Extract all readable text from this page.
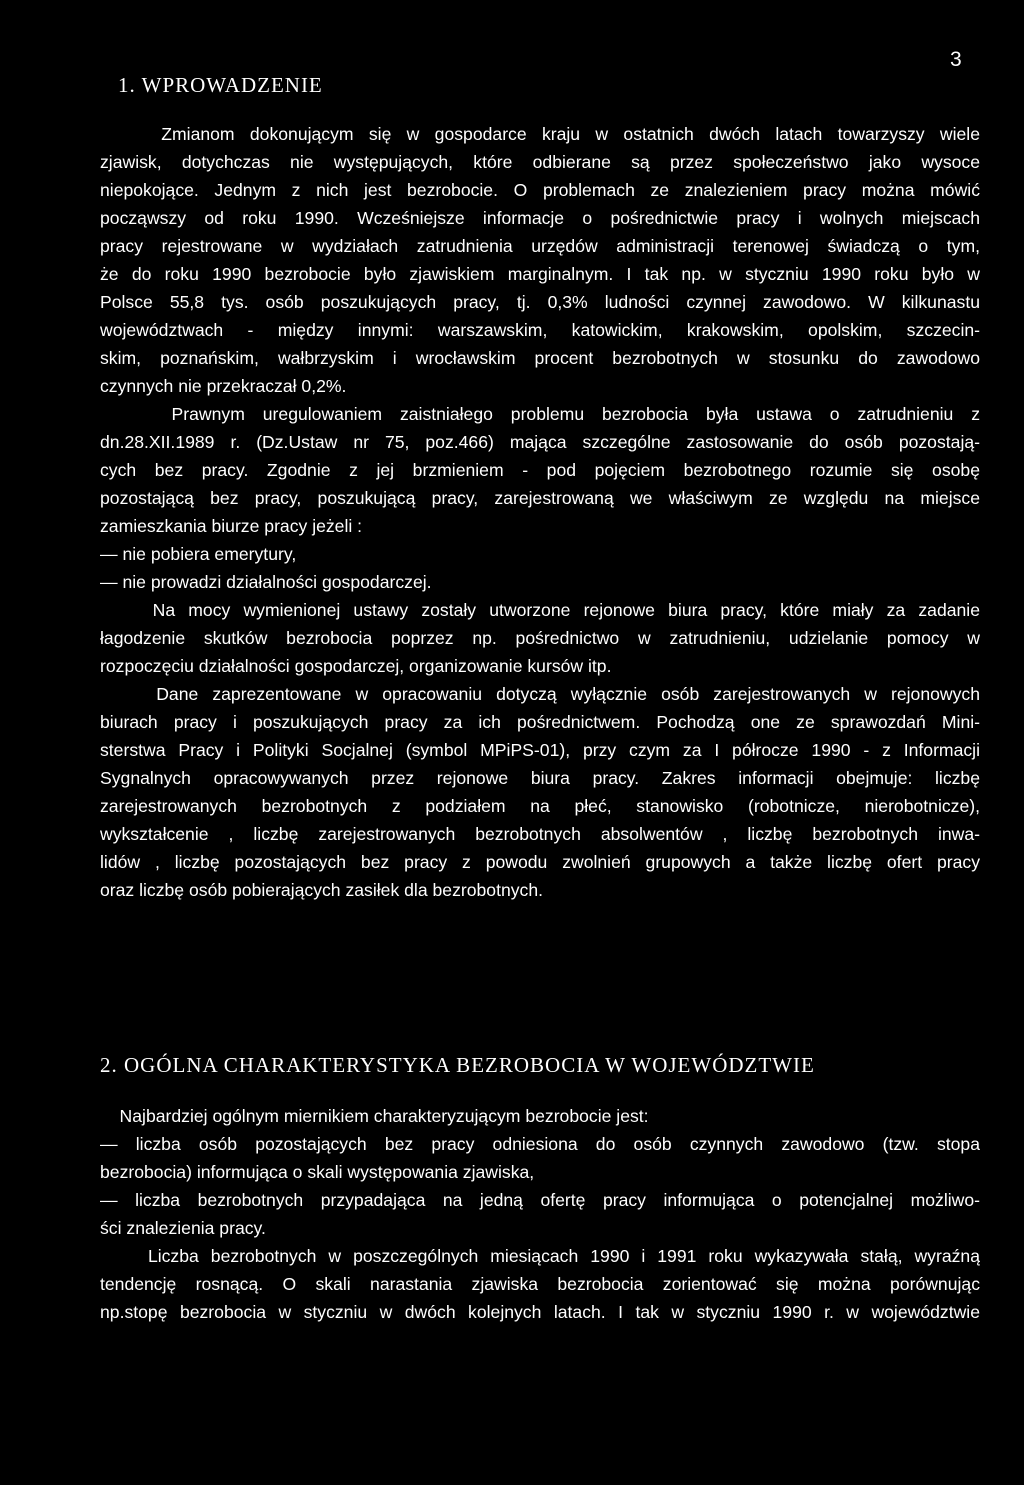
3
1. WPROWADZENIE
Zmianom dokonującym się w gospodarce kraju w ostatnich dwóch latach towarzyszy wiele
zjawisk, dotychczas nie występujących, które odbierane są przez społeczeństwo jako wysoce
niepokojące. Jednym z nich jest bezrobocie. O problemach ze znalezieniem pracy można mówić
począwszy od roku 1990. Wcześniejsze informacje o pośrednictwie pracy i wolnych miejscach
pracy rejestrowane w wydziałach zatrudnienia urzędów administracji terenowej świadczą o tym,
że do roku 1990 bezrobocie było zjawiskiem marginalnym. I tak np. w styczniu 1990 roku było w
Polsce 55,8 tys. osób poszukujących pracy, tj. 0,3% ludności czynnej zawodowo. W kilkunastu
województwach - między innymi: warszawskim, katowickim, krakowskim, opolskim, szczecin-
skim, poznańskim, wałbrzyskim i wrocławskim procent bezrobotnych w stosunku do zawodowo
czynnych nie przekraczał 0,2%.
Prawnym uregulowaniem zaistniałego problemu bezrobocia była ustawa o zatrudnieniu z
dn.28.XII.1989 r. (Dz.Ustaw nr 75, poz.466) mająca szczególne zastosowanie do osób pozostają-
cych bez pracy. Zgodnie z jej brzmieniem - pod pojęciem bezrobotnego rozumie się osobę
pozostającą bez pracy, poszukującą pracy, zarejestrowaną we właściwym ze względu na miejsce
zamieszkania biurze pracy jeżeli :
— nie pobiera emerytury,
— nie prowadzi działalności gospodarczej.
Na mocy wymienionej ustawy zostały utworzone rejonowe biura pracy, które miały za zadanie
łagodzenie skutków bezrobocia poprzez np. pośrednictwo w zatrudnieniu, udzielanie pomocy w
rozpoczęciu działalności gospodarczej, organizowanie kursów itp.
Dane zaprezentowane w opracowaniu dotyczą wyłącznie osób zarejestrowanych w rejonowych
biurach pracy i poszukujących pracy za ich pośrednictwem. Pochodzą one ze sprawozdań Mini-
sterstwa Pracy i Polityki Socjalnej (symbol MPiPS-01), przy czym za I półrocze 1990 - z Informacji
Sygnalnych opracowywanych przez rejonowe biura pracy. Zakres informacji obejmuje: liczbę
zarejestrowanych bezrobotnych z podziałem na płeć, stanowisko (robotnicze, nierobotnicze),
wykształcenie , liczbę zarejestrowanych bezrobotnych absolwentów , liczbę bezrobotnych inwa-
lidów , liczbę pozostających bez pracy z powodu zwolnień grupowych a także liczbę ofert pracy
oraz liczbę osób pobierających zasiłek dla bezrobotnych.
2. OGÓLNA CHARAKTERYSTYKA BEZROBOCIA W WOJEWÓDZTWIE
Najbardziej ogólnym miernikiem charakteryzującym bezrobocie jest:
— liczba osób pozostających bez pracy odniesiona do osób czynnych zawodowo (tzw. stopa
bezrobocia) informująca o skali występowania zjawiska,
— liczba bezrobotnych przypadająca na jedną ofertę pracy informująca o potencjalnej możliwo-
ści znalezienia pracy.
Liczba bezrobotnych w poszczególnych miesiącach 1990 i 1991 roku wykazywała stałą, wyraźną
tendencję rosnącą. O skali narastania zjawiska bezrobocia zorientować się można porównując
np.stopę bezrobocia w styczniu w dwóch kolejnych latach. I tak w styczniu 1990 r. w województwie
